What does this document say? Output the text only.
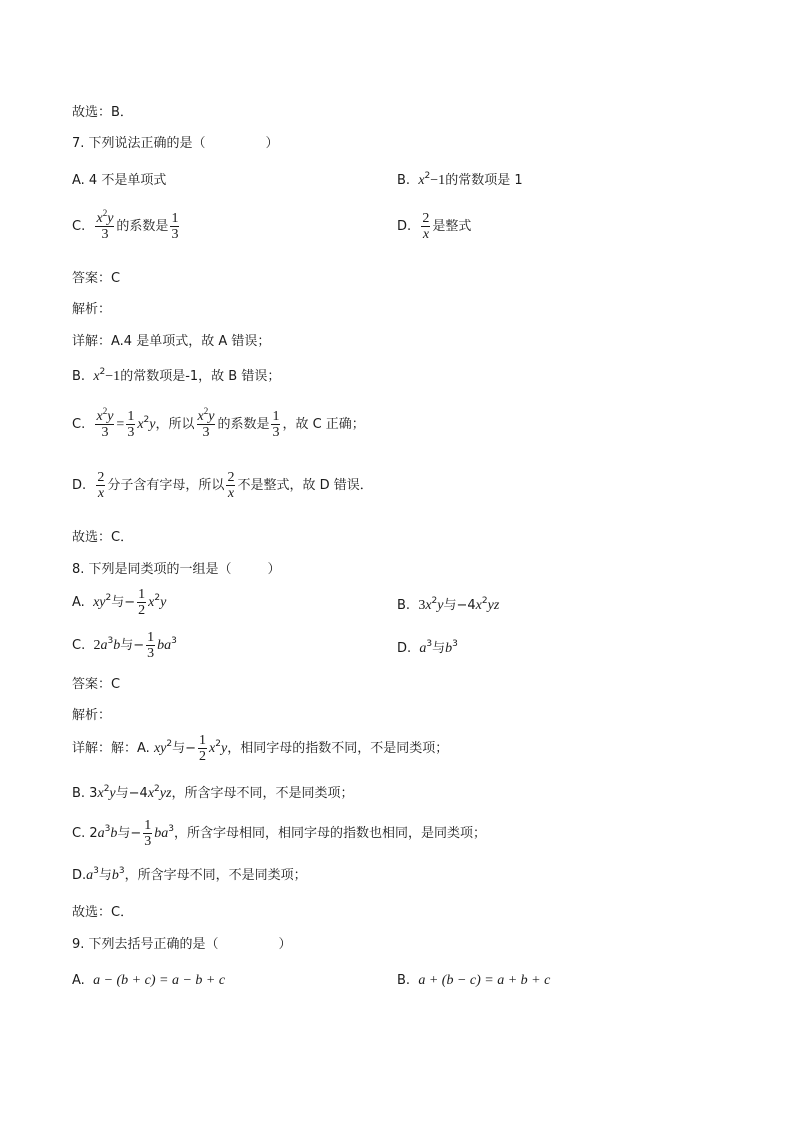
故选：B．
7. 下列说法正确的是（	）
A. 4 不是单项式	B. $x^2-1$的常数项是 1
C. $\frac{x^2y}{3}$ 的系数是 $\frac{1}{3}$	D. $\frac{2}{x}$ 是整式
答案：C
解析：
详解：A.4 是单项式，故 A 错误；
B. $x^2-1$的常数项是-1，故 B 错误；
C. $\frac{x^2y}{3} = \frac{1}{3} x^2y$，所以 $\frac{x^2y}{3}$ 的系数是 $\frac{1}{3}$ ，故 C 正确；
D. $\frac{2}{x}$ 分子含有字母，所以 $\frac{2}{x}$ 不是整式，故 D 错误．
故选：C．
8. 下列是同类项的一组是（	）
A. $xy^2$与− $\frac{1}{2} x^2y$	B. $3x^2y$与$-4x^2yz$
C. $2a^3b$与− $\frac{1}{3} ba^3$	D. $a^3$与$b^3$
答案：C
解析：
详解：解：A. $xy^2$与− $\frac{1}{2} x^2y$，相同字母的指数不同，不是同类项；
B. $3x^2y$与$-4x^2yz$，所含字母不同，不是同类项；
C. $2a^3b$与− $\frac{1}{3} ba^3$，所含字母相同，相同字母的指数也相同，是同类项；
$D.a^3$与$b^3$，所含字母不同，不是同类项；
故选：C．
9. 下列去括号正确的是（	）
A. a − (b + c) = a − b + c	B. a + (b − c) = a + b + c
